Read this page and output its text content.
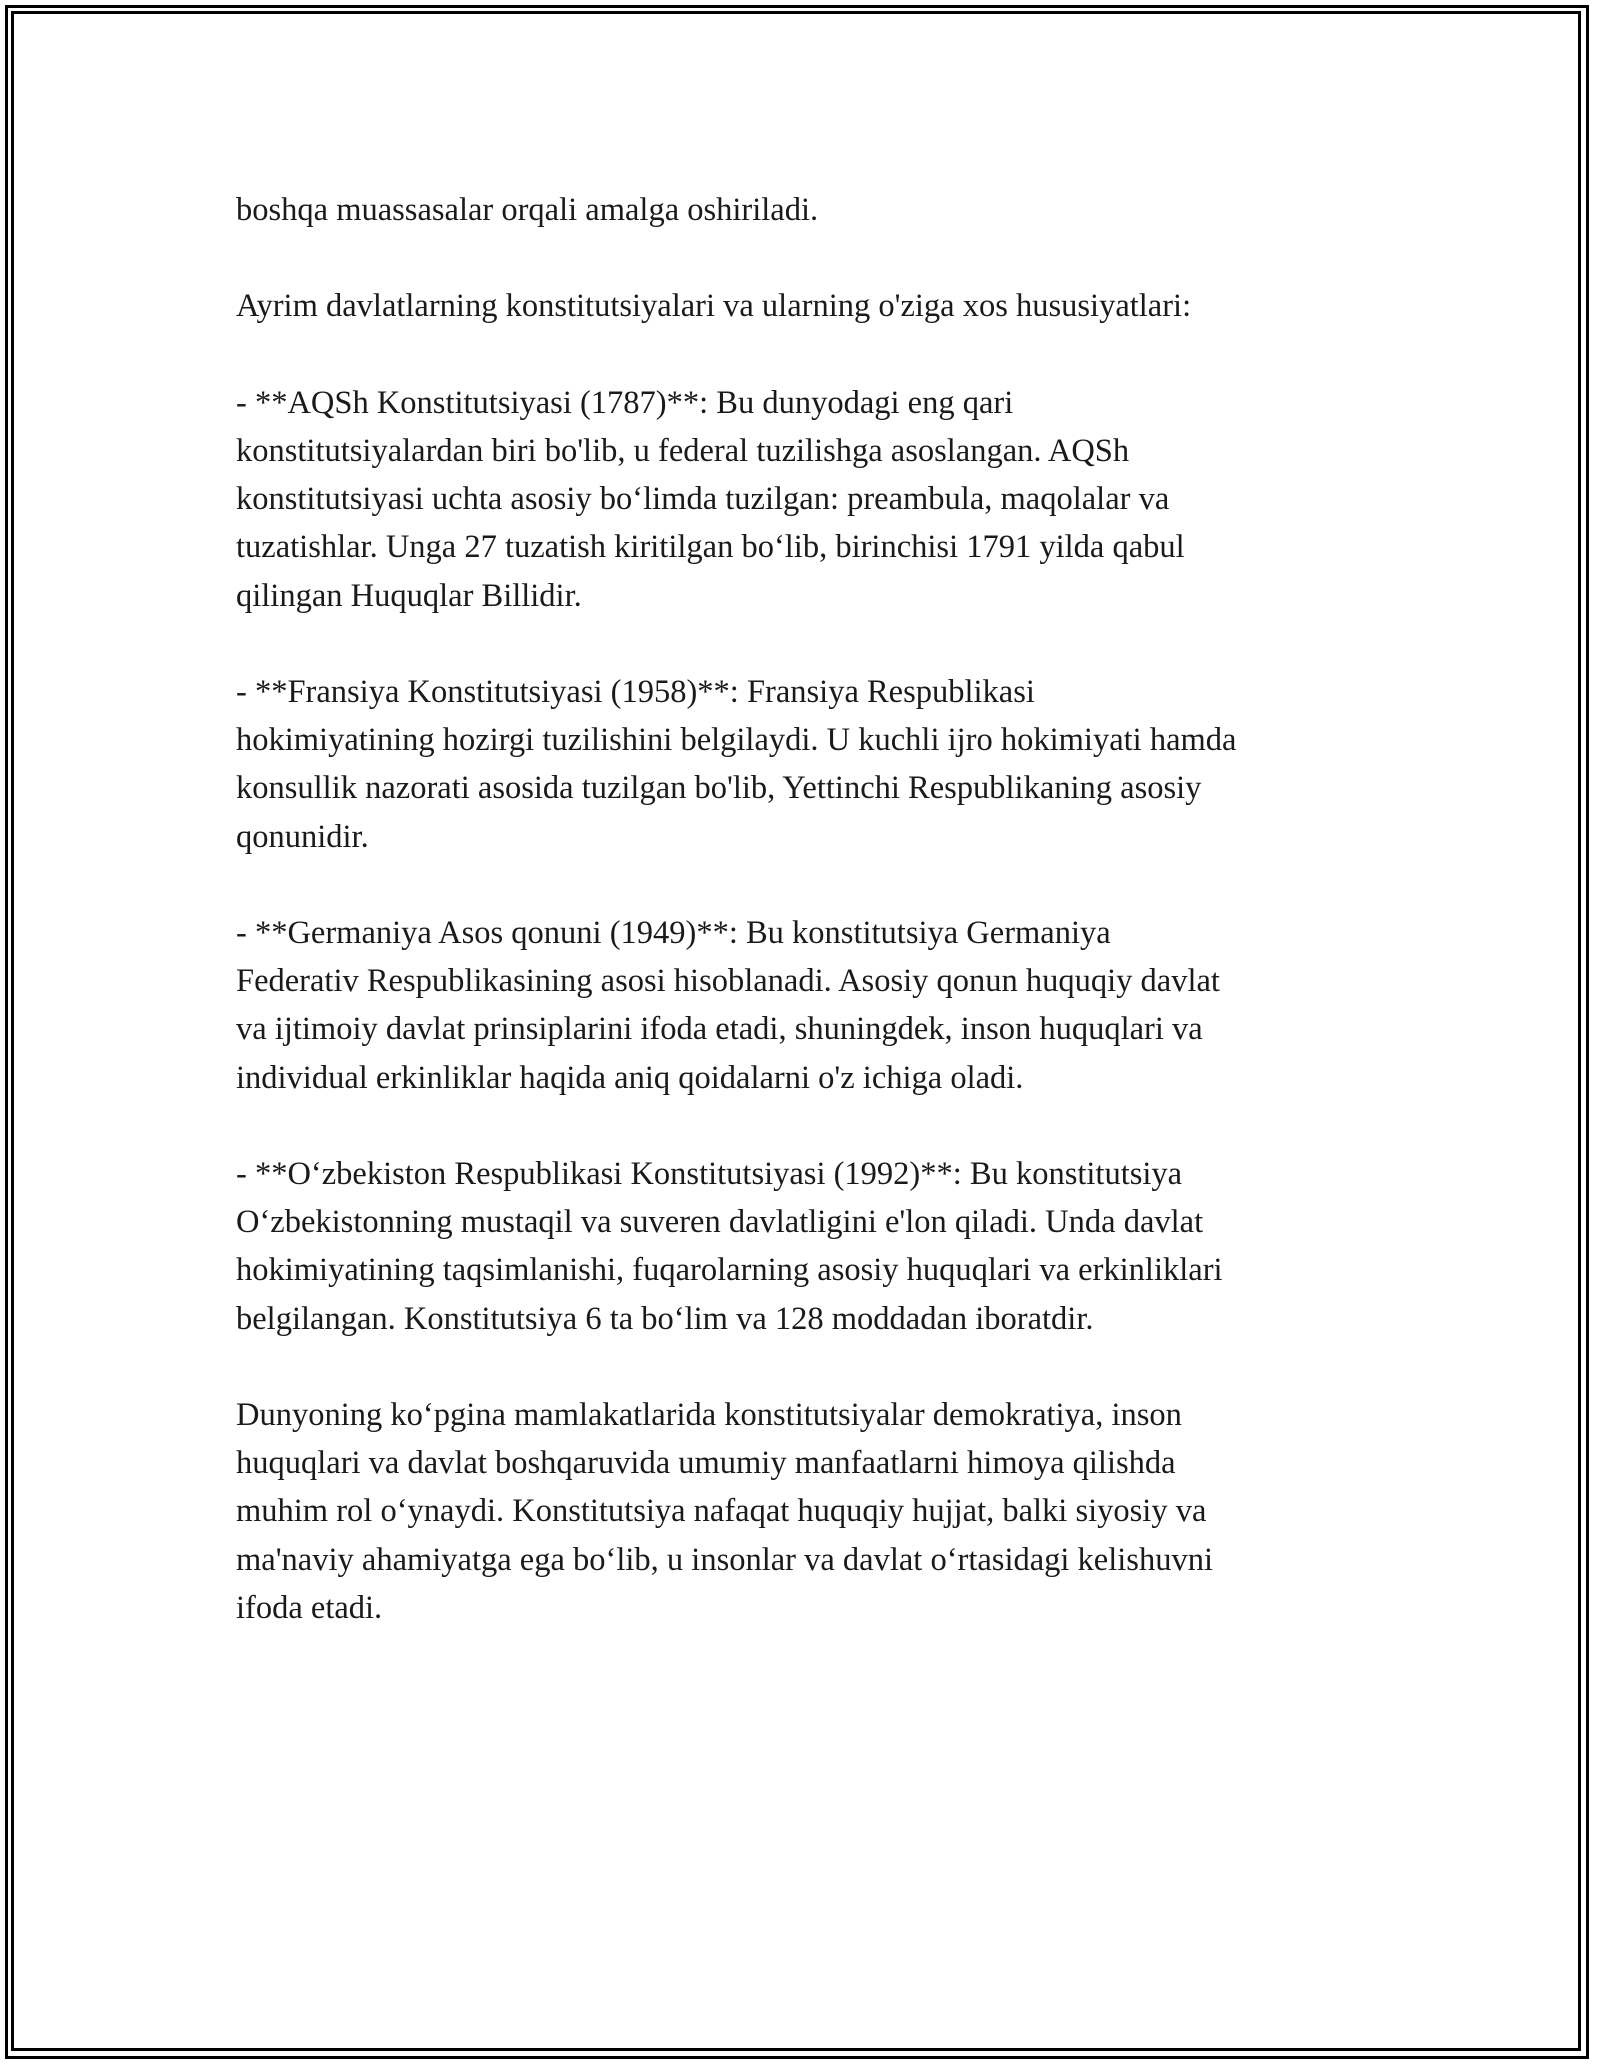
boshqa muassasalar orqali amalga oshiriladi.

Ayrim davlatlarning konstitutsiyalari va ularning o'ziga xos hususiyatlari:

- **AQSh Konstitutsiyasi (1787)**: Bu dunyodagi eng qari
konstitutsiyalardan biri bo'lib, u federal tuzilishga asoslangan. AQSh
konstitutsiyasi uchta asosiy bo‘limda tuzilgan: preambula, maqolalar va
tuzatishlar. Unga 27 tuzatish kiritilgan bo‘lib, birinchisi 1791 yilda qabul
qilingan Huquqlar Billidir.

- **Fransiya Konstitutsiyasi (1958)**: Fransiya Respublikasi
hokimiyatining hozirgi tuzilishini belgilaydi. U kuchli ijro hokimiyati hamda
konsullik nazorati asosida tuzilgan bo'lib, Yettinchi Respublikaning asosiy
qonunidir.

- **Germaniya Asos qonuni (1949)**: Bu konstitutsiya Germaniya
Federativ Respublikasining asosi hisoblanadi. Asosiy qonun huquqiy davlat
va ijtimoiy davlat prinsiplarini ifoda etadi, shuningdek, inson huquqlari va
individual erkinliklar haqida aniq qoidalarni o'z ichiga oladi.

- **O‘zbekiston Respublikasi Konstitutsiyasi (1992)**: Bu konstitutsiya
O‘zbekistonning mustaqil va suveren davlatligini e'lon qiladi. Unda davlat
hokimiyatining taqsimlanishi, fuqarolarning asosiy huquqlari va erkinliklari
belgilangan. Konstitutsiya 6 ta bo‘lim va 128 moddadan iboratdir.

Dunyoning ko‘pgina mamlakatlarida konstitutsiyalar demokratiya, inson
huquqlari va davlat boshqaruvida umumiy manfaatlarni himoya qilishda
muhim rol o‘ynaydi. Konstitutsiya nafaqat huquqiy hujjat, balki siyosiy va
ma'naviy ahamiyatga ega bo‘lib, u insonlar va davlat o‘rtasidagi kelishuvni
ifoda etadi.
